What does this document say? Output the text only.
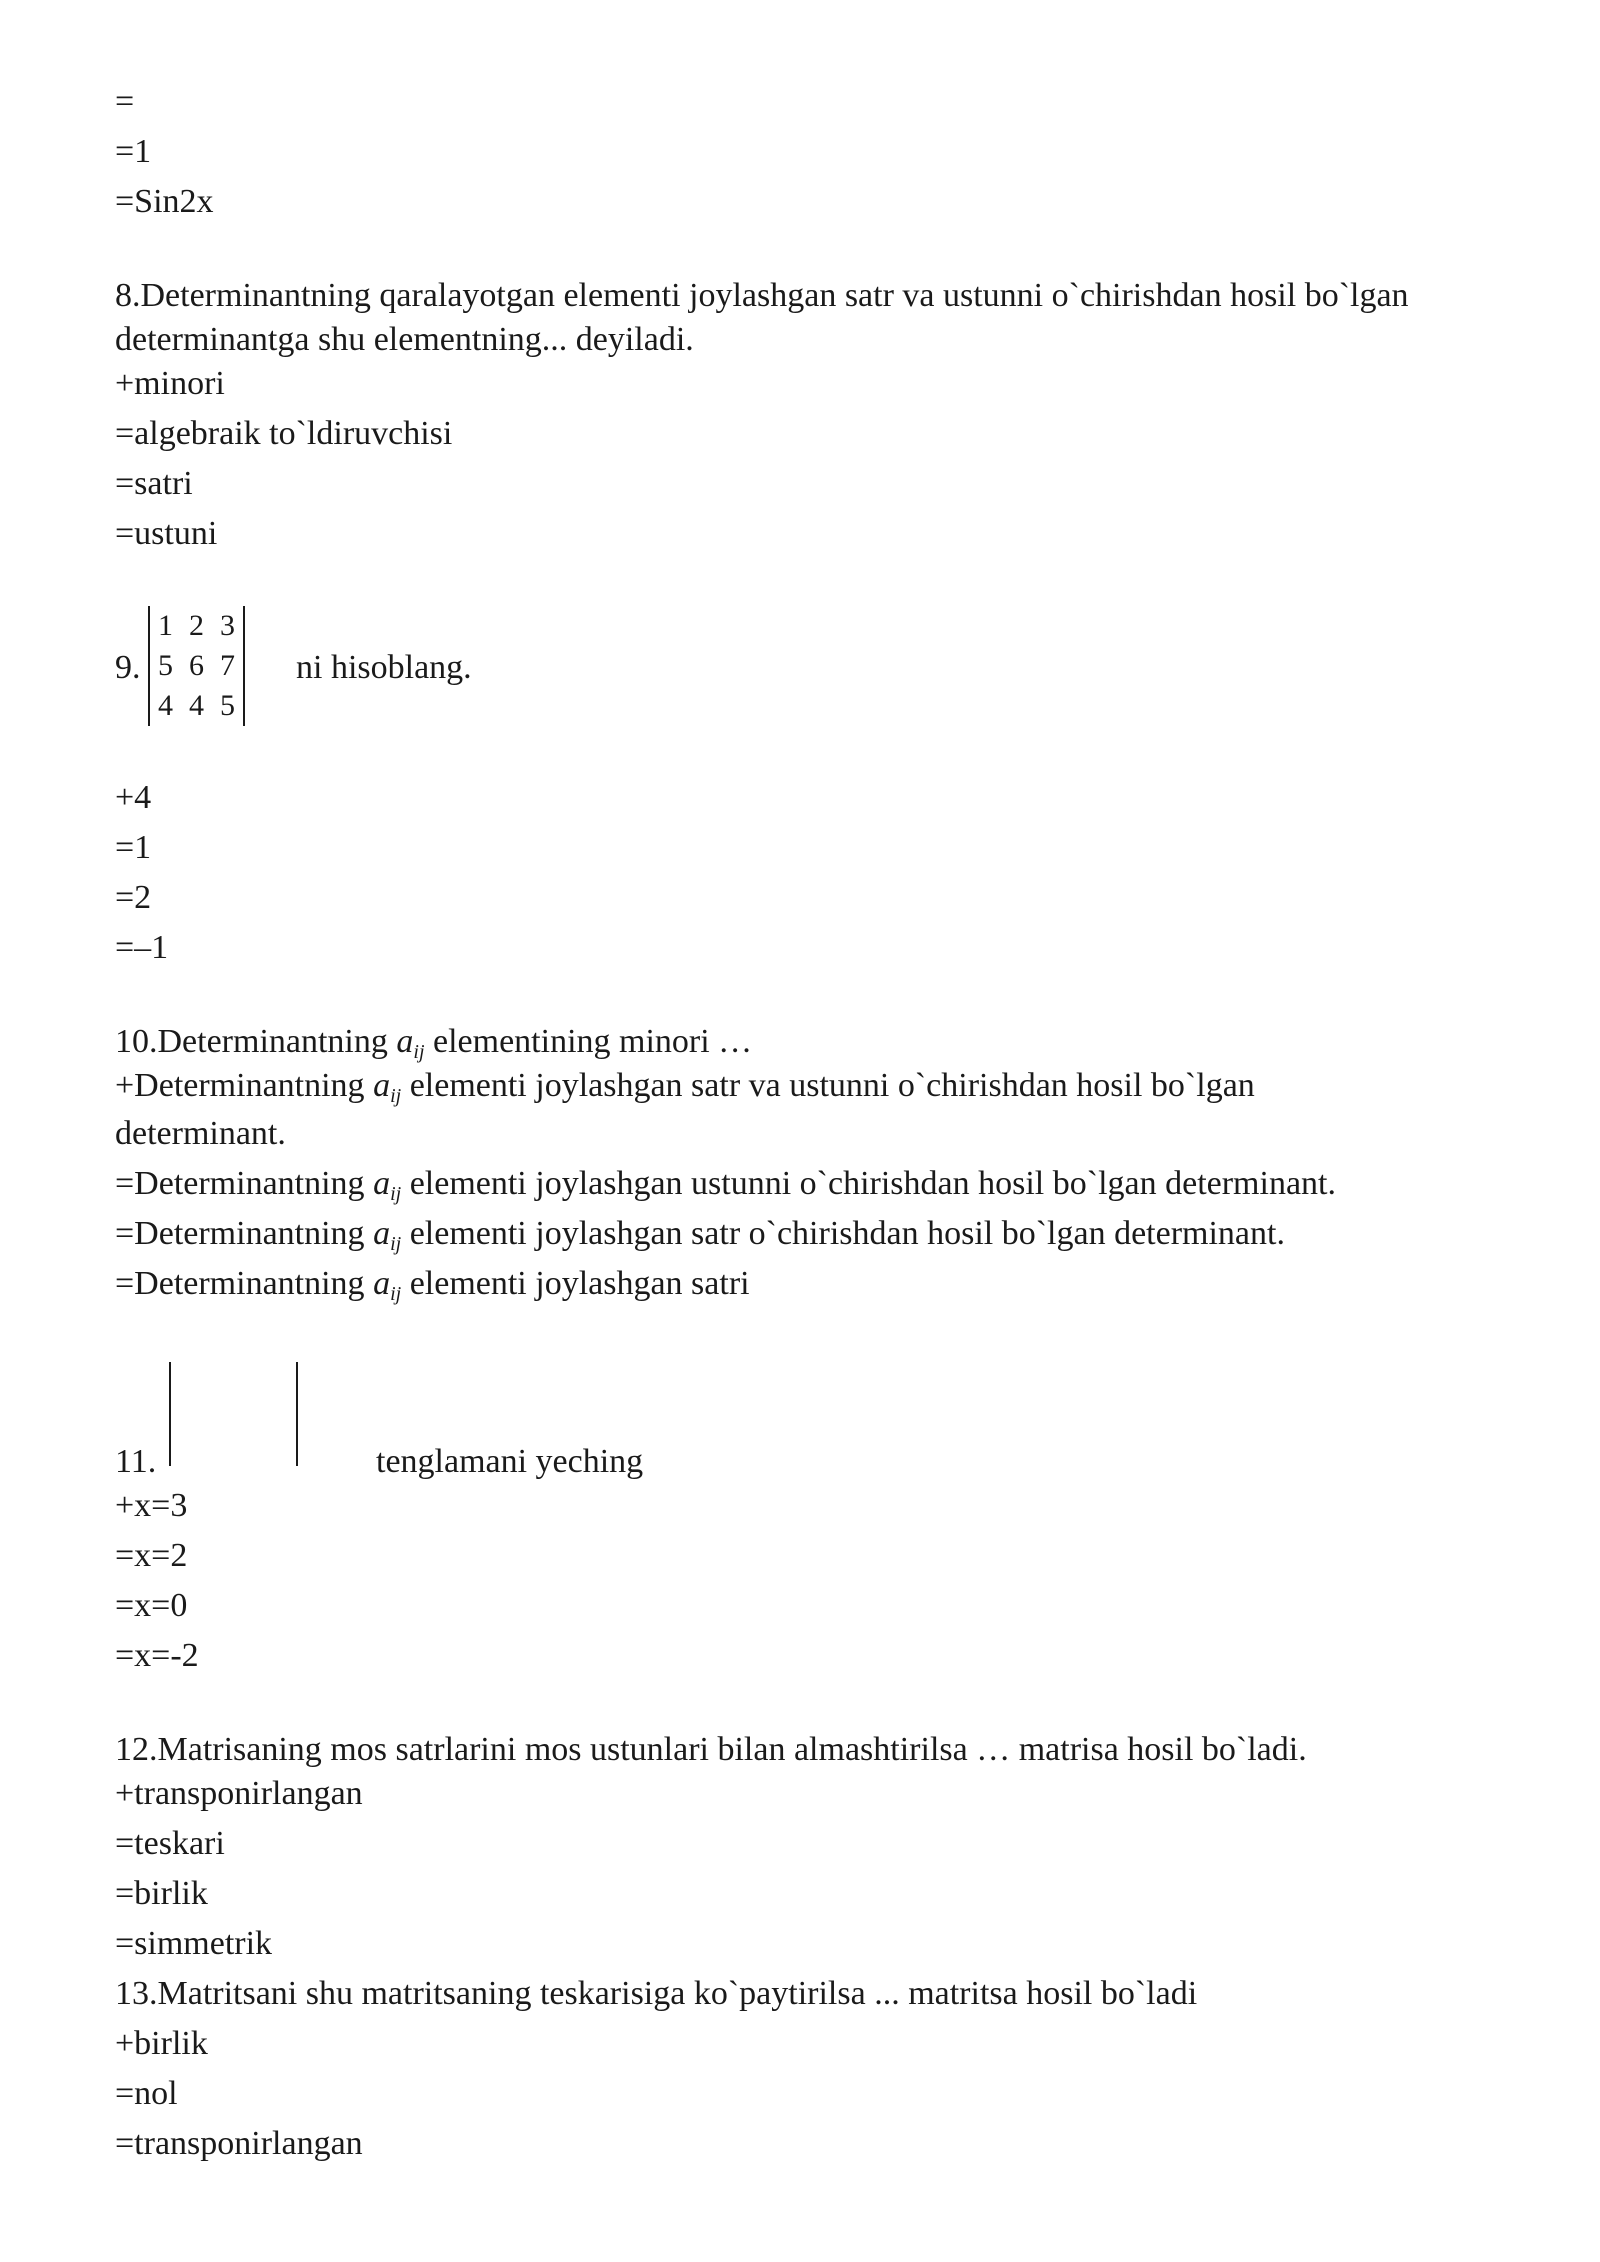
=
=1
=Sin2x
8.Determinantning qaralayotgan elementi joylashgan satr va ustunni o`chirishdan hosil bo`lgan determinantga shu elementning... deyiladi.
+minori
=algebraik to`ldiruvchisi
=satri
=ustuni
9.
1	2	3
5	6	7
4	4	5
ni hisoblang.
+4
=1
=2
=–1
10.Determinantning $a_{ij}$ elementining minori …
+Determinantning $a_{ij}$ elementi joylashgan satr va ustunni o`chirishdan hosil bo`lgan
determinant.
=Determinantning $a_{ij}$ elementi joylashgan ustunni o`chirishdan hosil bo`lgan determinant.
=Determinantning $a_{ij}$ elementi joylashgan satr o`chirishdan hosil bo`lgan determinant.
=Determinantning $a_{ij}$ elementi joylashgan satri
11.	tenglamani yeching
+x=3
=x=2
=x=0
=x=-2
12.Matrisaning mos satrlarini mos ustunlari bilan almashtirilsa … matrisa hosil bo`ladi.
+transponirlangan
=teskari
=birlik
=simmetrik
13.Matritsani shu matritsaning teskarisiga ko`paytirilsa ... matritsa hosil bo`ladi
+birlik
=nol
=transponirlangan
